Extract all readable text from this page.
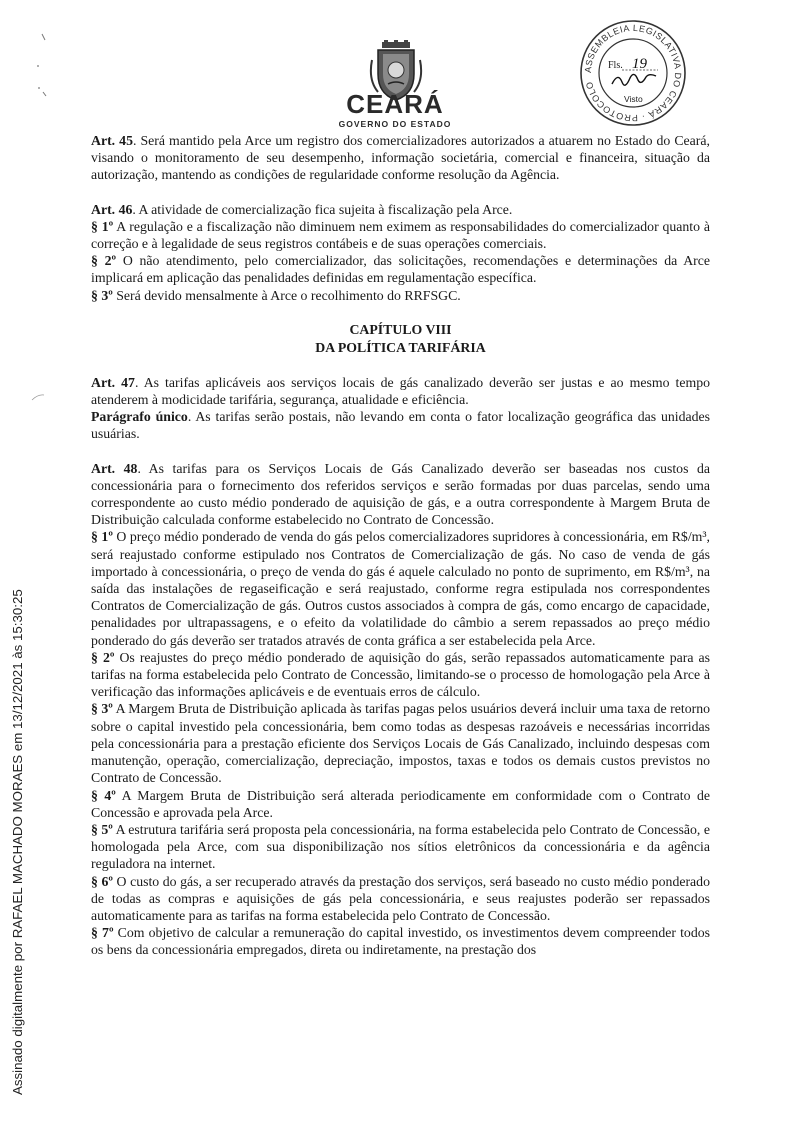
CEARÁ
GOVERNO DO ESTADO
ASSEMBLEIA LEGISLATIVA DO CEARÁ · PROTOCOLO
Fls. 19
Visto
Assinado digitalmente por RAFAEL MACHADO MORAES em 13/12/2021 às 15:30:25

Art. 45. Será mantido pela Arce um registro dos comercializadores autorizados a atuarem no Estado do Ceará, visando o monitoramento de seu desempenho, informação societária, comercial e financeira, situação da autorização, mantendo as condições de regularidade conforme resolução da Agência.

Art. 46. A atividade de comercialização fica sujeita à fiscalização pela Arce.

§ 1º A regulação e a fiscalização não diminuem nem eximem as responsabilidades do comercializador quanto à correção e à legalidade de seus registros contábeis e de suas operações comerciais.

§ 2º O não atendimento, pelo comercializador, das solicitações, recomendações e determinações da Arce implicará em aplicação das penalidades definidas em regulamentação específica.

§ 3º Será devido mensalmente à Arce o recolhimento do RRFSGC.

CAPÍTULO VIII

DA POLÍTICA TARIFÁRIA

Art. 47. As tarifas aplicáveis aos serviços locais de gás canalizado deverão ser justas e ao mesmo tempo atenderem à modicidade tarifária, segurança, atualidade e eficiência.

Parágrafo único. As tarifas serão postais, não levando em conta o fator localização geográfica das unidades usuárias.

Art. 48. As tarifas para os Serviços Locais de Gás Canalizado deverão ser baseadas nos custos da concessionária para o fornecimento dos referidos serviços e serão formadas por duas parcelas, sendo uma correspondente ao custo médio ponderado de aquisição de gás, e a outra correspondente à Margem Bruta de Distribuição calculada conforme estabelecido no Contrato de Concessão.

§ 1º O preço médio ponderado de venda do gás pelos comercializadores supridores à concessionária, em R$/m³, será reajustado conforme estipulado nos Contratos de Comercialização de gás. No caso de venda de gás importado à concessionária, o preço de venda do gás é aquele calculado no ponto de suprimento, em R$/m³, na saída das instalações de regaseificação e será reajustado, conforme regra estipulada nos correspondentes Contratos de Comercialização de gás. Outros custos associados à compra de gás, como encargo de capacidade, penalidades por ultrapassagens, e o efeito da volatilidade do câmbio a serem repassados ao preço médio ponderado do gás deverão ser tratados através de conta gráfica a ser estabelecida pela Arce.

§ 2º Os reajustes do preço médio ponderado de aquisição do gás, serão repassados automaticamente para as tarifas na forma estabelecida pelo Contrato de Concessão, limitando-se o processo de homologação pela Arce à verificação das informações aplicáveis e de eventuais erros de cálculo.

§ 3º A Margem Bruta de Distribuição aplicada às tarifas pagas pelos usuários deverá incluir uma taxa de retorno sobre o capital investido pela concessionária, bem como todas as despesas razoáveis e necessárias incorridas pela concessionária para a prestação eficiente dos Serviços Locais de Gás Canalizado, incluindo despesas com manutenção, operação, comercialização, depreciação, impostos, taxas e todos os demais custos previstos no Contrato de Concessão.

§ 4º A Margem Bruta de Distribuição será alterada periodicamente em conformidade com o Contrato de Concessão e aprovada pela Arce.

§ 5º A estrutura tarifária será proposta pela concessionária, na forma estabelecida pelo Contrato de Concessão, e homologada pela Arce, com sua disponibilização nos sítios eletrônicos da concessionária e da agência reguladora na internet.

§ 6º O custo do gás, a ser recuperado através da prestação dos serviços, será baseado no custo médio ponderado de todas as compras e aquisições de gás pela concessionária, e seus reajustes poderão ser repassados automaticamente para as tarifas na forma estabelecida pelo Contrato de Concessão.

§ 7º Com objetivo de calcular a remuneração do capital investido, os investimentos devem compreender todos os bens da concessionária empregados, direta ou indiretamente, na prestação dos
